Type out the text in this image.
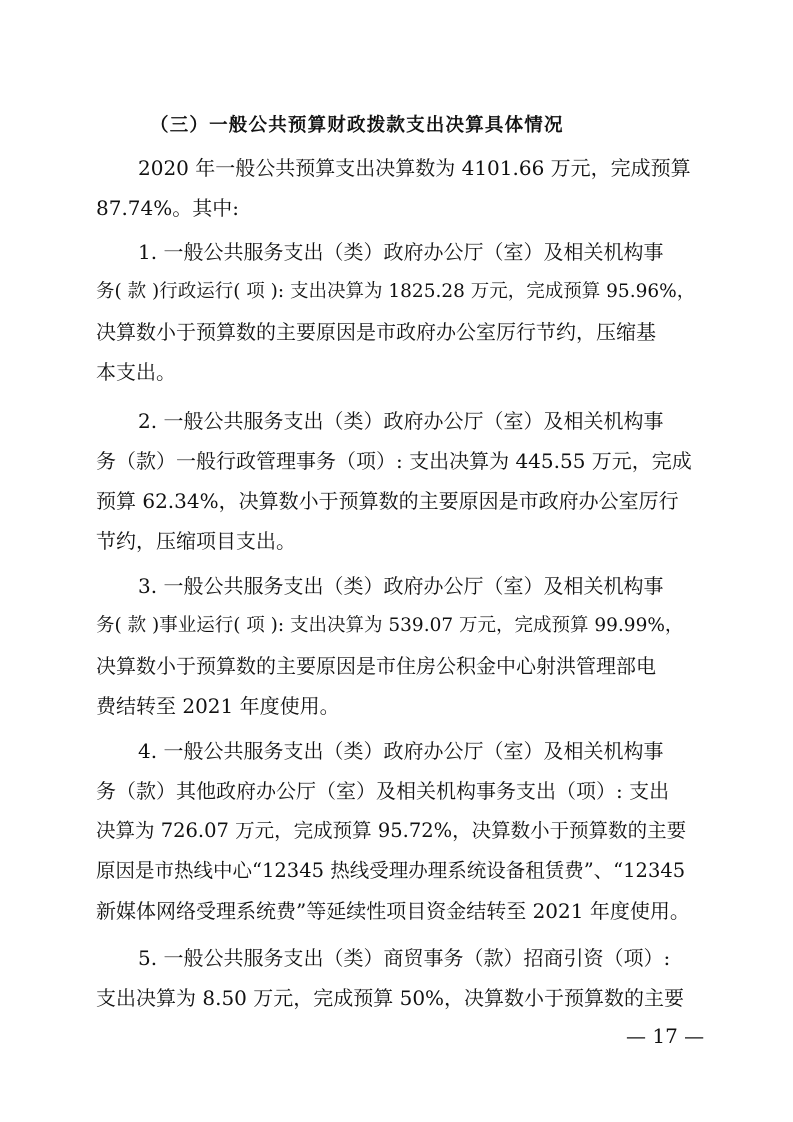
（三）一般公共预算财政拨款支出决算具体情况
2020 年一般公共预算支出决算数为 4101.66 万元，完成预算
87.74%。其中:
1. 一般公共服务支出（类）政府办公厅（室）及相关机构事
务( 款 )行政运行( 项 ): 支出决算为 1825.28 万元，完成预算 95.96%，
决算数小于预算数的主要原因是市政府办公室厉行节约，压缩基
本支出。
2. 一般公共服务支出（类）政府办公厅（室）及相关机构事
务（款）一般行政管理事务（项）: 支出决算为 445.55 万元，完成
预算 62.34%，决算数小于预算数的主要原因是市政府办公室厉行
节约，压缩项目支出。
3. 一般公共服务支出（类）政府办公厅（室）及相关机构事
务( 款 )事业运行( 项 ): 支出决算为 539.07 万元，完成预算 99.99%，
决算数小于预算数的主要原因是市住房公积金中心射洪管理部电
费结转至 2021 年度使用。
4. 一般公共服务支出（类）政府办公厅（室）及相关机构事
务（款）其他政府办公厅（室）及相关机构事务支出（项）: 支出
决算为 726.07 万元，完成预算 95.72%，决算数小于预算数的主要
原因是市热线中心“12345 热线受理办理系统设备租赁费”、“12345
新媒体网络受理系统费”等延续性项目资金结转至 2021 年度使用。
5. 一般公共服务支出（类）商贸事务（款）招商引资（项）:
支出决算为 8.50 万元，完成预算 50%，决算数小于预算数的主要
— 17 —
